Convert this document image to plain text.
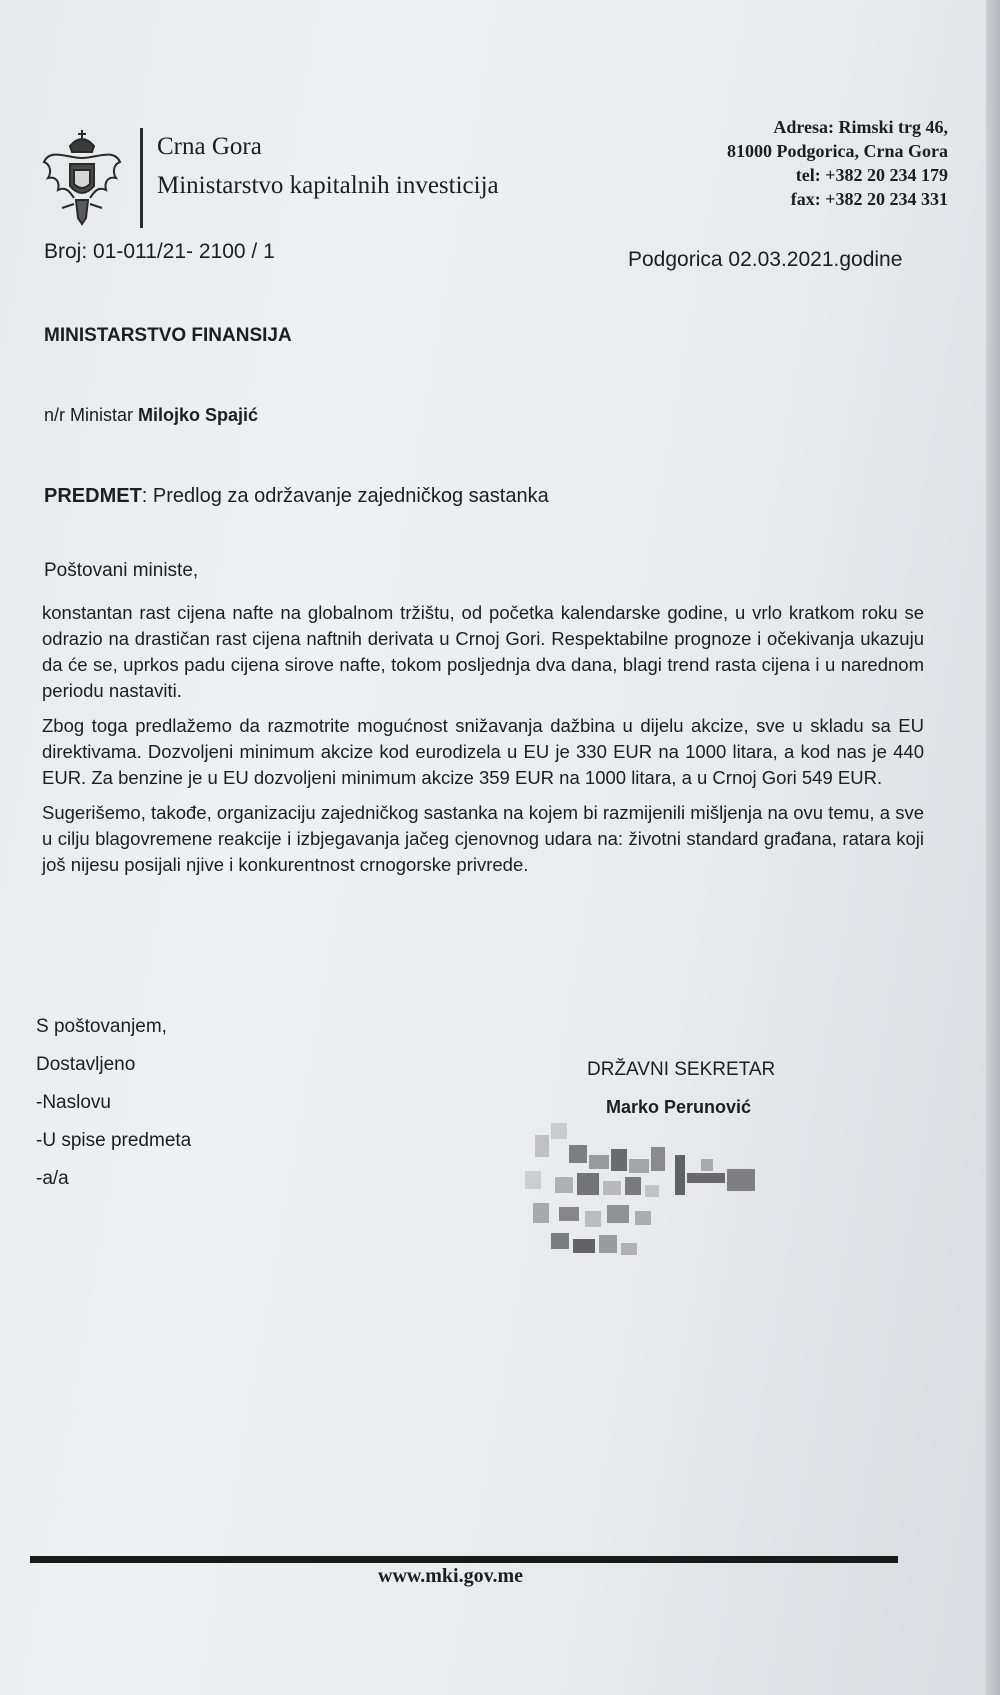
Crna Gora
Ministarstvo kapitalnih investicija
Adresa: Rimski trg 46,
81000 Podgorica, Crna Gora
tel: +382 20 234 179
fax: +382 20 234 331
Broj: 01-011/21- 2100 / 1	Podgorica 02.03.2021.godine
MINISTARSTVO FINANSIJA
n/r Ministar Milojko Spajić
PREDMET: Predlog za održavanje zajedničkog sastanka
Poštovani ministe,

konstantan rast cijena nafte na globalnom tržištu, od početka kalendarske godine, u vrlo kratkom roku se odrazio na drastičan rast cijena naftnih derivata u Crnoj Gori. Respektabilne prognoze i očekivanja ukazuju da će se, uprkos padu cijena sirove nafte, tokom posljednja dva dana, blagi trend rasta cijena i u narednom periodu nastaviti.

Zbog toga predlažemo da razmotrite mogućnost snižavanja dažbina u dijelu akcize, sve u skladu sa EU direktivama. Dozvoljeni minimum akcize kod eurodizela u EU je 330 EUR na 1000 litara, a kod nas je 440 EUR. Za benzine je u EU dozvoljeni minimum akcize 359 EUR na 1000 litara, a u Crnoj Gori 549 EUR.

Sugerišemo, takođe, organizaciju zajedničkog sastanka na kojem bi razmijenili mišljenja na ovu temu, a sve u cilju blagovremene reakcije i izbjegavanja jačeg cjenovnog udara na: životni standard građana, ratara koji još nijesu posijali njive i konkurentnost crnogorske privrede.

S poštovanjem,
Dostavljeno
-Naslovu
-U spise predmeta
-a/a
DRŽAVNI SEKRETAR
Marko Perunović
www.mki.gov.me
